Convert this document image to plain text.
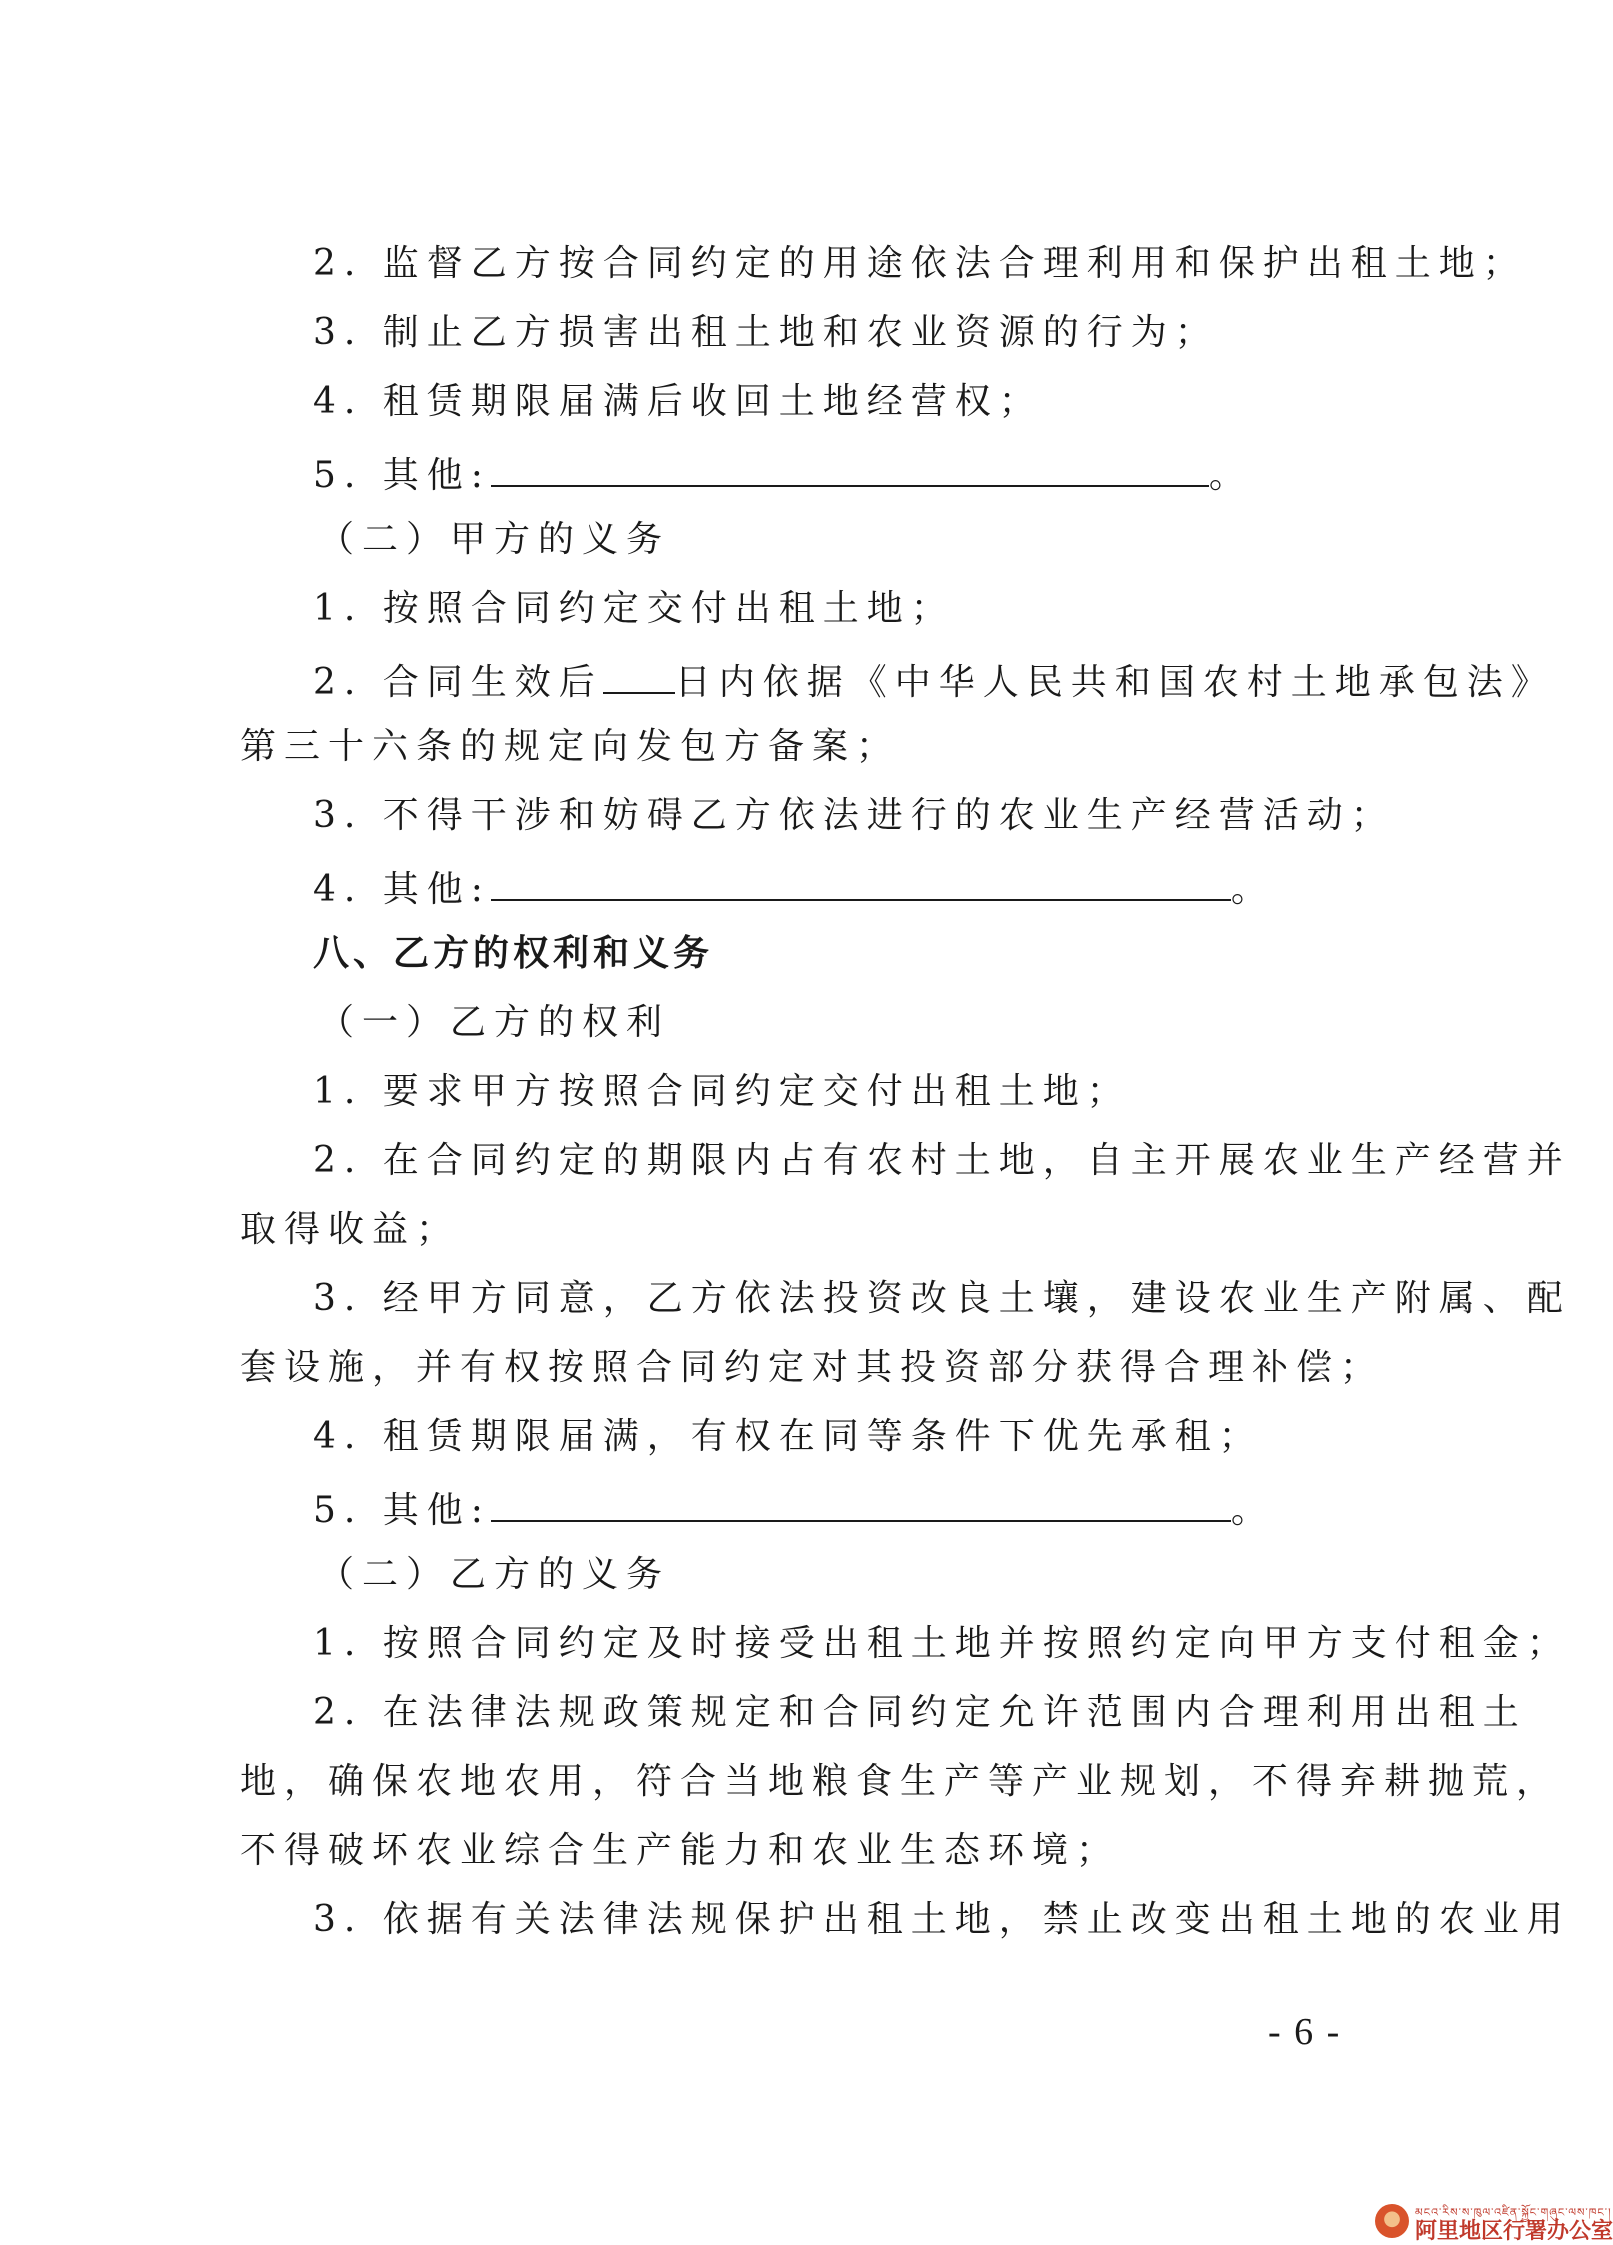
2. 监督乙方按合同约定的用途依法合理利用和保护出租土地；
3. 制止乙方损害出租土地和农业资源的行为；
4. 租赁期限届满后收回土地经营权；
5. 其他:	。
（二）甲方的义务
1. 按照合同约定交付出租土地；
2. 合同生效后 日内依据《中华人民共和国农村土地承包法》
第三十六条的规定向发包方备案；
3. 不得干涉和妨碍乙方依法进行的农业生产经营活动；
4. 其他:	。
八、乙方的权利和义务
（一）乙方的权利
1. 要求甲方按照合同约定交付出租土地；
2. 在合同约定的期限内占有农村土地，自主开展农业生产经营并
取得收益；
3. 经甲方同意，乙方依法投资改良土壤，建设农业生产附属、配
套设施，并有权按照合同约定对其投资部分获得合理补偿；
4. 租赁期限届满，有权在同等条件下优先承租；
5. 其他:	。
（二）乙方的义务
1. 按照合同约定及时接受出租土地并按照约定向甲方支付租金；
2. 在法律法规政策规定和合同约定允许范围内合理利用出租土
地，确保农地农用，符合当地粮食生产等产业规划，不得弃耕抛荒，
不得破坏农业综合生产能力和农业生态环境；
3. 依据有关法律法规保护出租土地，禁止改变出租土地的农业用
- 6 -
མངའ་རིས་ས་ཁུལ་འཛིན་སྐྱོང་གཞུང་ལས་ཁང་།
阿里地区行署办公室
